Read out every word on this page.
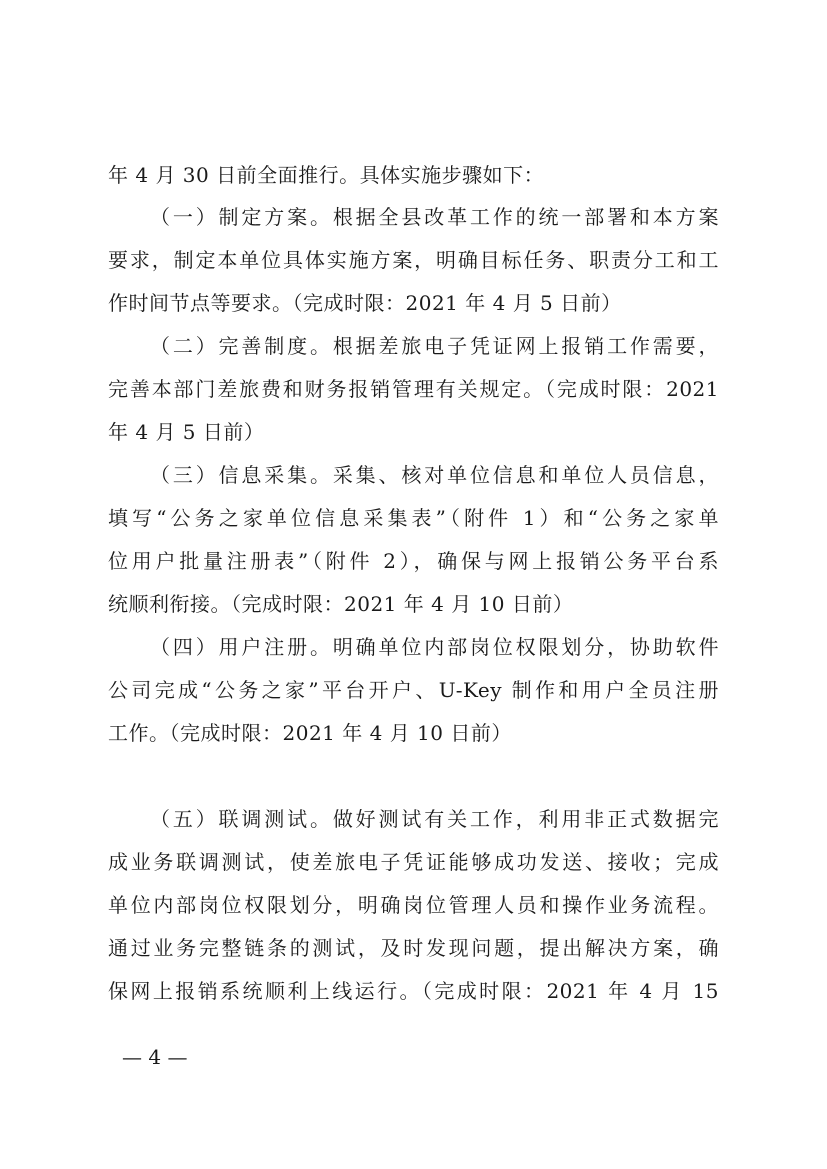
年 4 月 30 日前全面推行。具体实施步骤如下：
（一）制定方案。根据全县改革工作的统一部署和本方案
要求，制定本单位具体实施方案，明确目标任务、职责分工和工
作时间节点等要求。（完成时限：2021 年 4 月 5 日前）
（二）完善制度。根据差旅电子凭证网上报销工作需要，
完善本部门差旅费和财务报销管理有关规定。（完成时限：2021
年 4 月 5 日前）
（三）信息采集。采集、核对单位信息和单位人员信息，
填写“公务之家单位信息采集表”（附件 1）和“公务之家单
位用户批量注册表”（附件 2），确保与网上报销公务平台系
统顺利衔接。（完成时限：2021 年 4 月 10 日前）
（四）用户注册。明确单位内部岗位权限划分，协助软件
公司完成“公务之家”平台开户、U-Key 制作和用户全员注册
工作。（完成时限：2021 年 4 月 10 日前）
（五）联调测试。做好测试有关工作，利用非正式数据完
成业务联调测试，使差旅电子凭证能够成功发送、接收；完成
单位内部岗位权限划分，明确岗位管理人员和操作业务流程。
通过业务完整链条的测试，及时发现问题，提出解决方案，确
保网上报销系统顺利上线运行。（完成时限：2021 年 4 月 15
— 4 —
